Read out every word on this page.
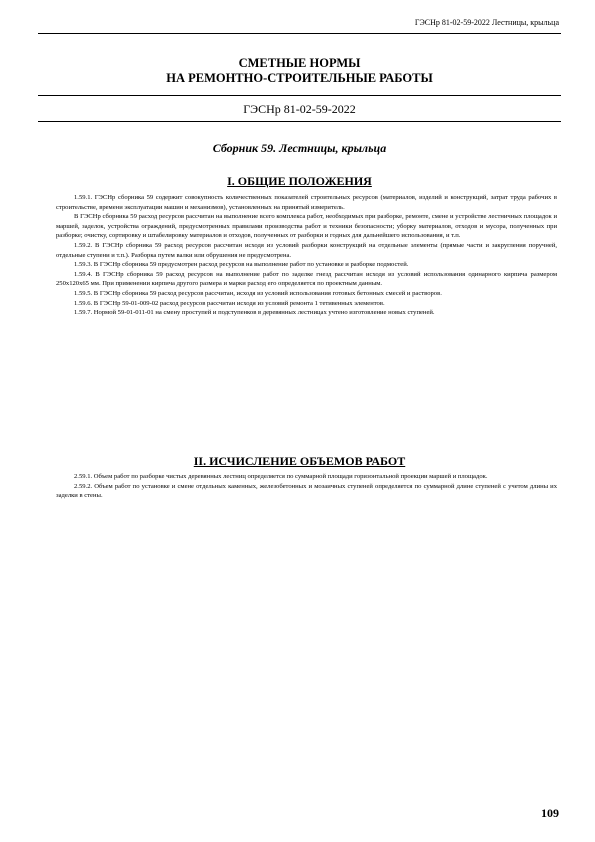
ГЭСНр 81-02-59-2022 Лестницы, крыльца
СМЕТНЫЕ НОРМЫ
НА РЕМОНТНО-СТРОИТЕЛЬНЫЕ РАБОТЫ
ГЭСНр 81-02-59-2022
Сборник 59. Лестницы, крыльца
I. ОБЩИЕ ПОЛОЖЕНИЯ

1.59.1. ГЭСНр сборника 59 содержит совокупность количественных показателей строительных ресурсов (материалов, изделий и конструкций, затрат труда рабочих в строительстве, времени эксплуатации машин и механизмов), установленных на принятый измеритель.

В ГЭСНр сборника 59 расход ресурсов рассчитан на выполнение всего комплекса работ, необходимых при разборке, ремонте, смене и устройстве лестничных площадок и маршей, заделок, устройства ограждений, предусмотренных правилами производства работ и техники безопасности; уборку материалов, отходов и мусора, полученных при разборке; очистку, сортировку и штабелировку материалов и отходов, полученных от разборки и годных для дальнейшего использования, и т.п.

1.59.2. В ГЭСНр сборника 59 расход ресурсов рассчитан исходя из условий разборки конструкций на отдельные элементы (прямые части и закругления поручней, отдельные ступени и т.п.). Разборка путем валки или обрушения не предусмотрена.

1.59.3. В ГЭСНр сборника 59 предусмотрен расход ресурсов на выполнение работ по установке и разборке подмостей.

1.59.4. В ГЭСНр сборника 59 расход ресурсов на выполнение работ по заделке гнезд рассчитан исходя из условий использования одинарного кирпича размером 250х120х65 мм. При применении кирпича другого размера и марки расход его определяется по проектным данным.

1.59.5. В ГЭСНр сборника 59 расход ресурсов рассчитан, исходя из условий использования готовых бетонных смесей и растворов.

1.59.6. В ГЭСНр 59-01-009-02 расход ресурсов рассчитан исходя из условий ремонта 1 тетивенных элементов.

1.59.7. Нормой 59-01-011-01 на смену проступей и подступенков в деревянных лестницах учтено изготовление новых ступеней.

II. ИСЧИСЛЕНИЕ ОБЪЕМОВ РАБОТ

2.59.1. Объем работ по разборке чистых деревянных лестниц определяется по суммарной площади горизонтальной проекции маршей и площадок.

2.59.2. Объем работ по установке и смене отдельных каменных, железобетонных и мозаичных ступеней определяется по суммарной длине ступеней с учетом длины их заделки в стены.

109
